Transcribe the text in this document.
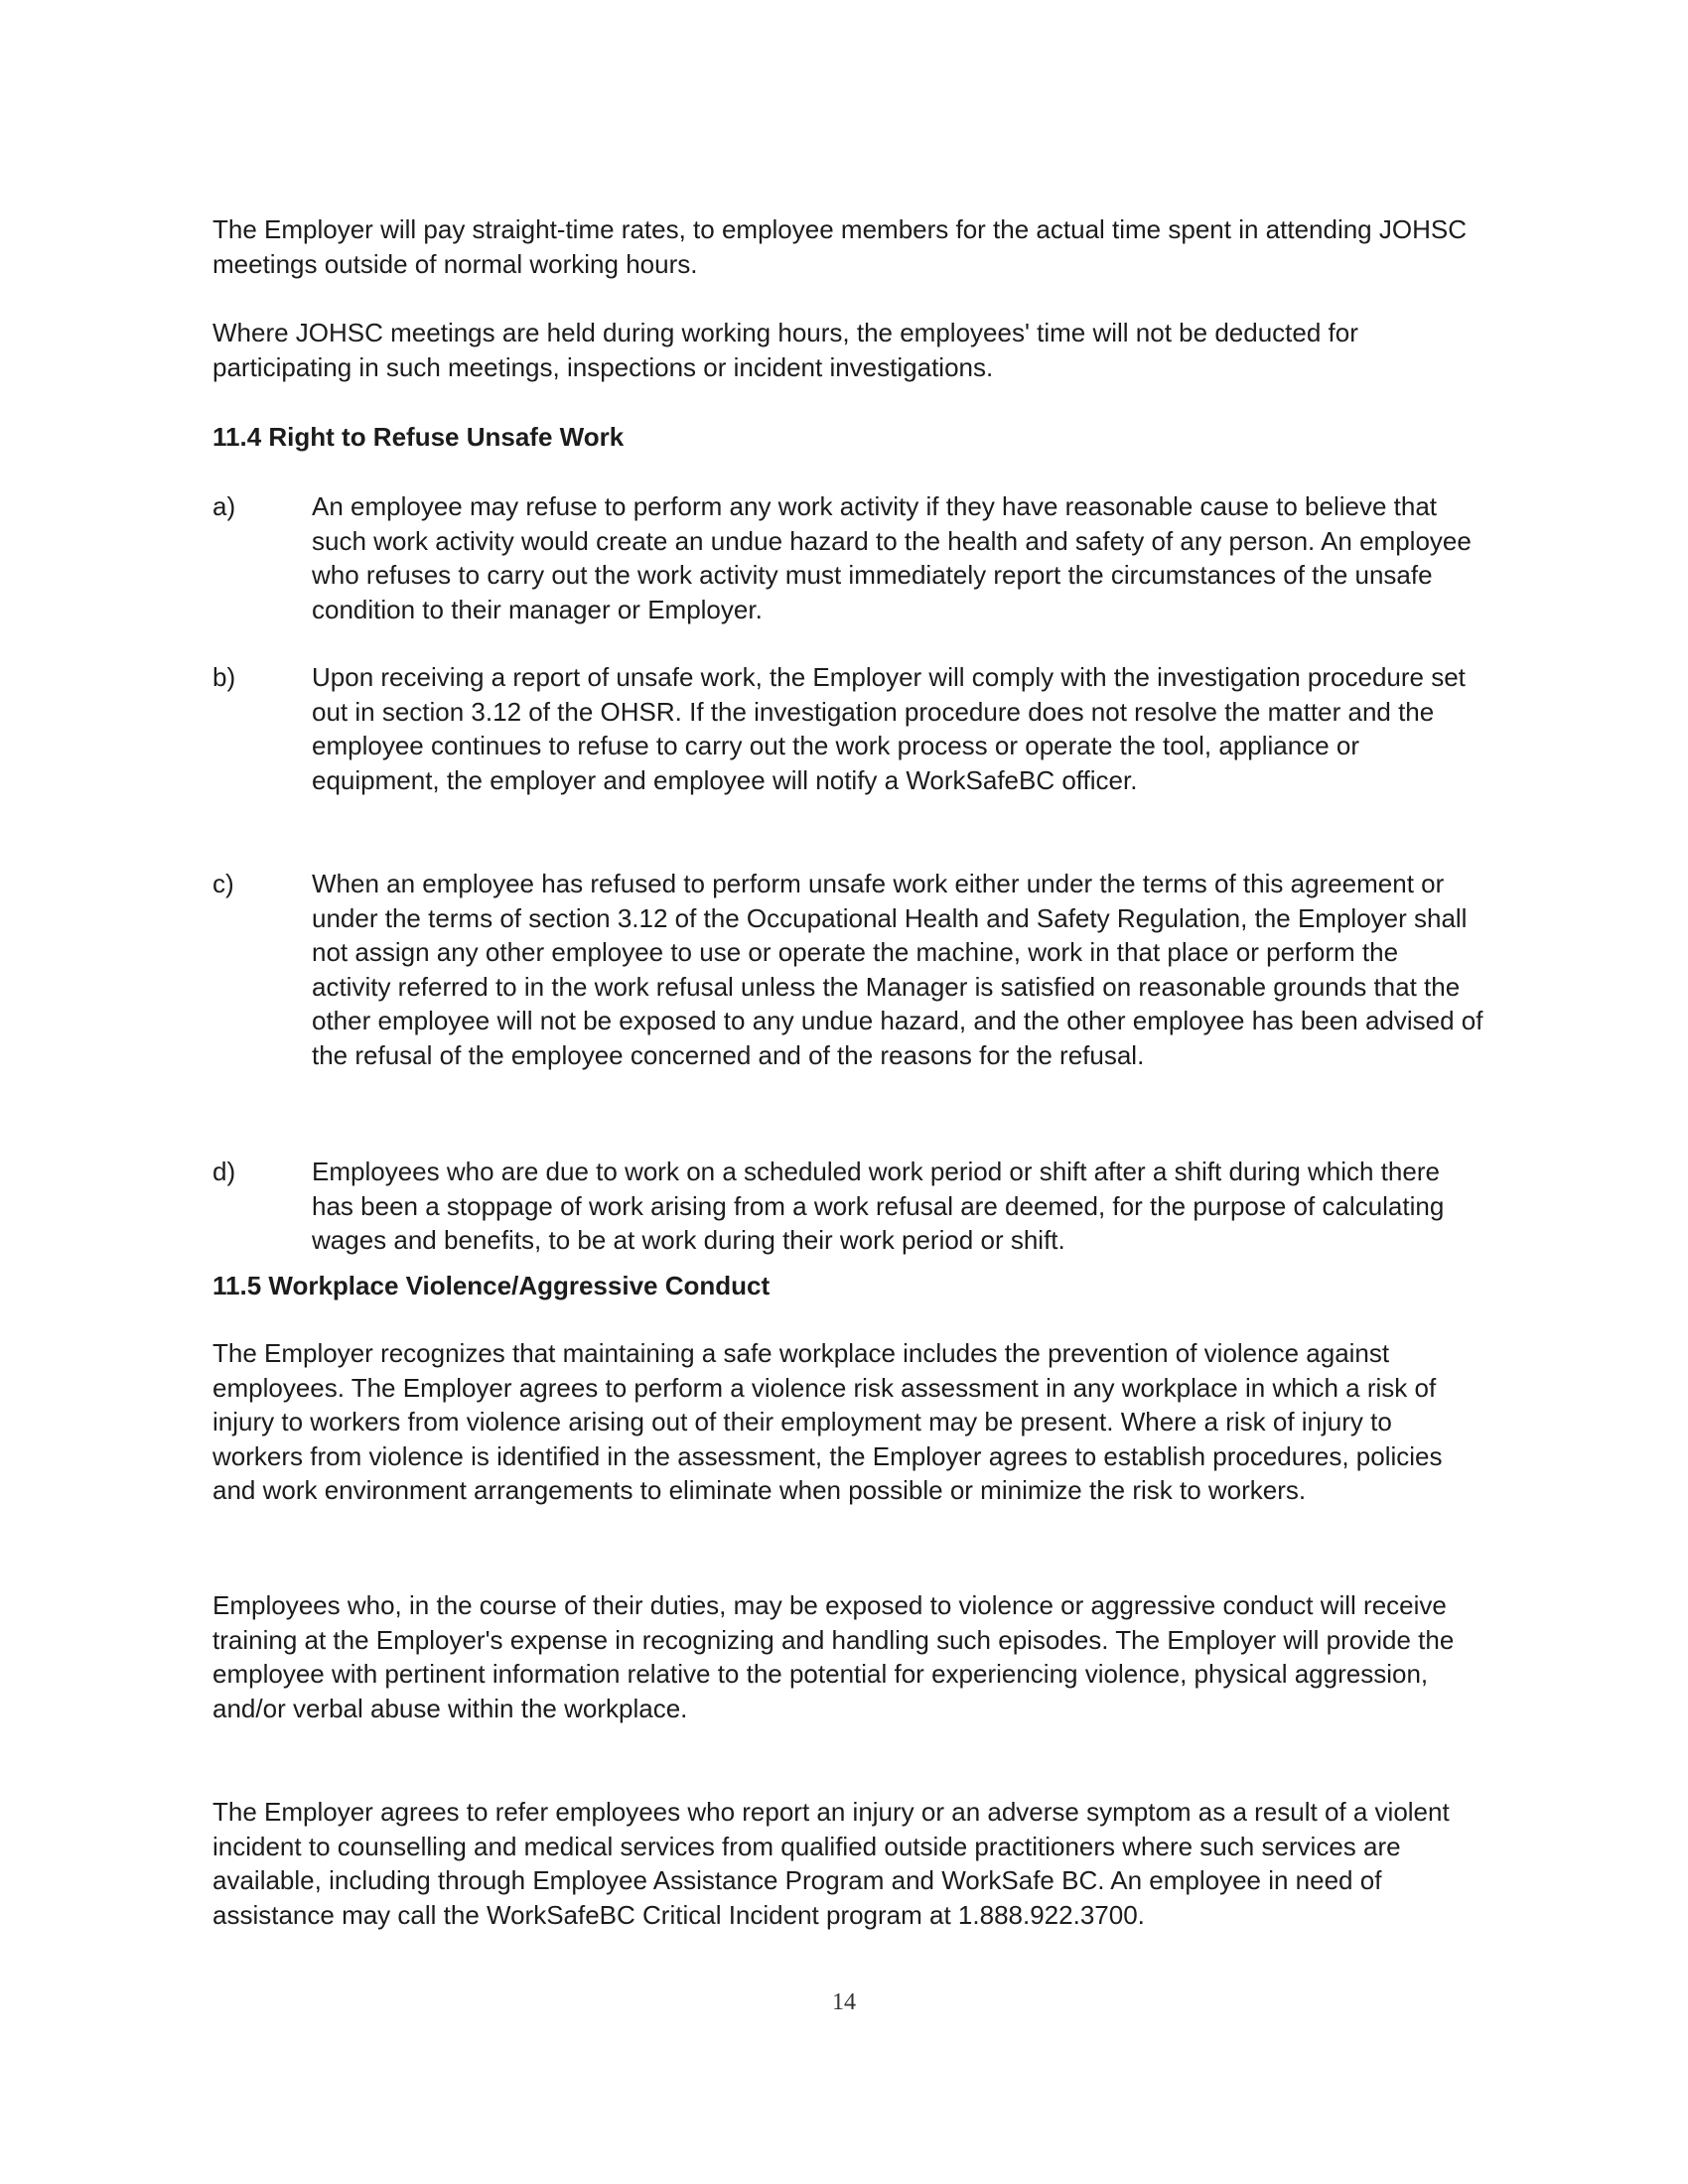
The Employer will pay straight-time rates, to employee members for the actual time spent in attending JOHSC meetings outside of normal working hours.

Where JOHSC meetings are held during working hours, the employees' time will not be deducted for participating in such meetings, inspections or incident investigations.

11.4 Right to Refuse Unsafe Work
a)	An employee may refuse to perform any work activity if they have reasonable cause to believe that such work activity would create an undue hazard to the health and safety of any person. An employee who refuses to carry out the work activity must immediately report the circumstances of the unsafe condition to their manager or Employer.

b)	Upon receiving a report of unsafe work, the Employer will comply with the investigation procedure set out in section 3.12 of the OHSR. If the investigation procedure does not resolve the matter and the employee continues to refuse to carry out the work process or operate the tool, appliance or equipment, the employer and employee will notify a WorkSafeBC officer.

c)	When an employee has refused to perform unsafe work either under the terms of this agreement or under the terms of section 3.12 of the Occupational Health and Safety Regulation, the Employer shall not assign any other employee to use or operate the machine, work in that place or perform the activity referred to in the work refusal unless the Manager is satisfied on reasonable grounds that the other employee will not be exposed to any undue hazard, and the other employee has been advised of the refusal of the employee concerned and of the reasons for the refusal.

d)	Employees who are due to work on a scheduled work period or shift after a shift during which there has been a stoppage of work arising from a work refusal are deemed, for the purpose of calculating wages and benefits, to be at work during their work period or shift.

11.5 Workplace Violence/Aggressive Conduct

The Employer recognizes that maintaining a safe workplace includes the prevention of violence against employees. The Employer agrees to perform a violence risk assessment in any workplace in which a risk of injury to workers from violence arising out of their employment may be present. Where a risk of injury to workers from violence is identified in the assessment, the Employer agrees to establish procedures, policies and work environment arrangements to eliminate when possible or minimize the risk to workers.

Employees who, in the course of their duties, may be exposed to violence or aggressive conduct will receive training at the Employer's expense in recognizing and handling such episodes. The Employer will provide the employee with pertinent information relative to the potential for experiencing violence, physical aggression, and/or verbal abuse within the workplace.

The Employer agrees to refer employees who report an injury or an adverse symptom as a result of a violent incident to counselling and medical services from qualified outside practitioners where such services are available, including through Employee Assistance Program and WorkSafe BC. An employee in need of assistance may call the WorkSafeBC Critical Incident program at 1.888.922.3700.

14
